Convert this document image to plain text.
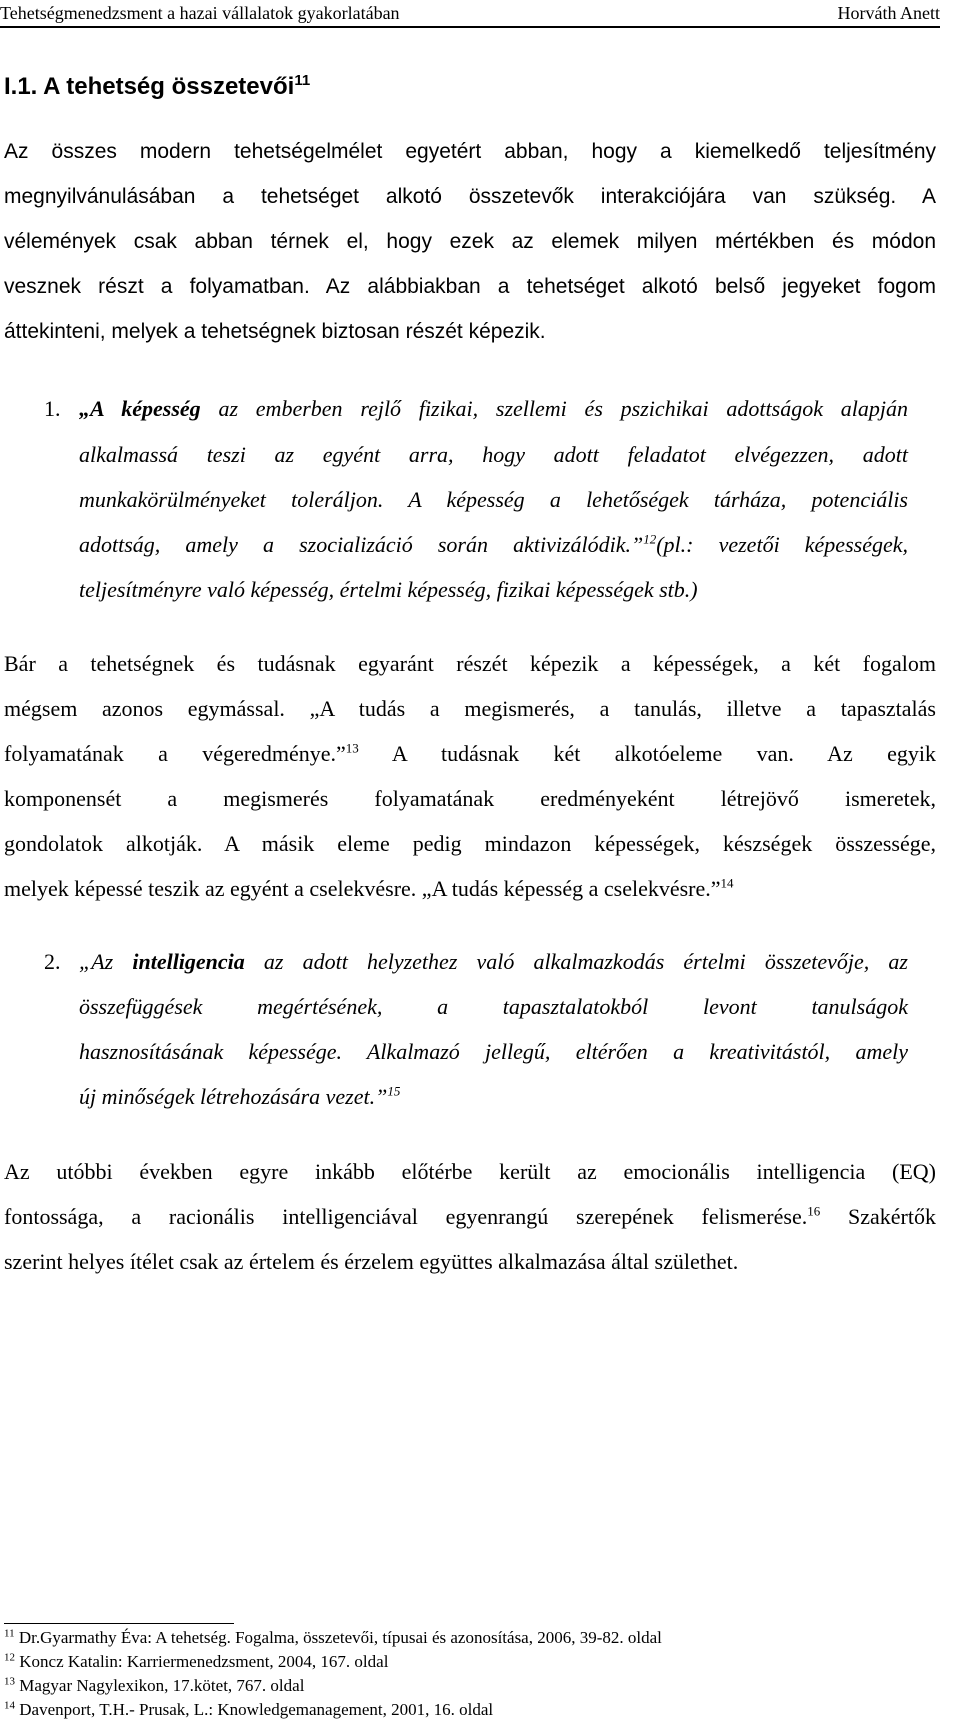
Tehetségmenedzsment a hazai vállalatok gyakorlatában	Horváth Anett
I.1. A tehetség összetevői$^{11}$
Az összes modern tehetségelmélet egyetért abban, hogy a kiemelkedő teljesítmény
megnyilvánulásában a tehetséget alkotó összetevők interakciójára van szükség. A
vélemények csak abban térnek el, hogy ezek az elemek milyen mértékben és módon
vesznek részt a folyamatban. Az alábbiakban a tehetséget alkotó belső jegyeket fogom
áttekinteni, melyek a tehetségnek biztosan részét képezik.
1. „A képesség az emberben rejlő fizikai, szellemi és pszichikai adottságok alapján
alkalmassá teszi az egyént arra, hogy adott feladatot elvégezzen, adott
munkakörülményeket toleráljon. A képesség a lehetőségek tárháza, potenciális
adottság, amely a szocializáció során aktivizálódik.”$^{12}$(pl.: vezetői képességek,
teljesítményre való képesség, értelmi képesség, fizikai képességek stb.)
Bár a tehetségnek és tudásnak egyaránt részét képezik a képességek, a két fogalom
mégsem azonos egymással. „A tudás a megismerés, a tanulás, illetve a tapasztalás
folyamatának a végeredménye.”$^{13}$ A tudásnak két alkotóeleme van. Az egyik
komponensét a megismerés folyamatának eredményeként létrejövő ismeretek,
gondolatok alkotják. A másik eleme pedig mindazon képességek, készségek összessége,
melyek képessé teszik az egyént a cselekvésre. „A tudás képesség a cselekvésre.”$^{14}$
2. „Az intelligencia az adott helyzethez való alkalmazkodás értelmi összetevője, az
összefüggések megértésének, a tapasztalatokból levont tanulságok
hasznosításának képessége. Alkalmazó jellegű, eltérően a kreativitástól, amely
új minőségek létrehozására vezet.”$^{15}$
Az utóbbi években egyre inkább előtérbe került az emocionális intelligencia (EQ)
fontossága, a racionális intelligenciával egyenrangú szerepének felismerése.$^{16}$ Szakértők
szerint helyes ítélet csak az értelem és érzelem együttes alkalmazása által születhet.
$^{11}$ Dr.Gyarmathy Éva: A tehetség. Fogalma, összetevői, típusai és azonosítása, 2006, 39-82. oldal
$^{12}$ Koncz Katalin: Karriermenedzsment, 2004, 167. oldal
$^{13}$ Magyar Nagylexikon, 17.kötet, 767. oldal
$^{14}$ Davenport, T.H.- Prusak, L.: Knowledgemanagement, 2001, 16. oldal
